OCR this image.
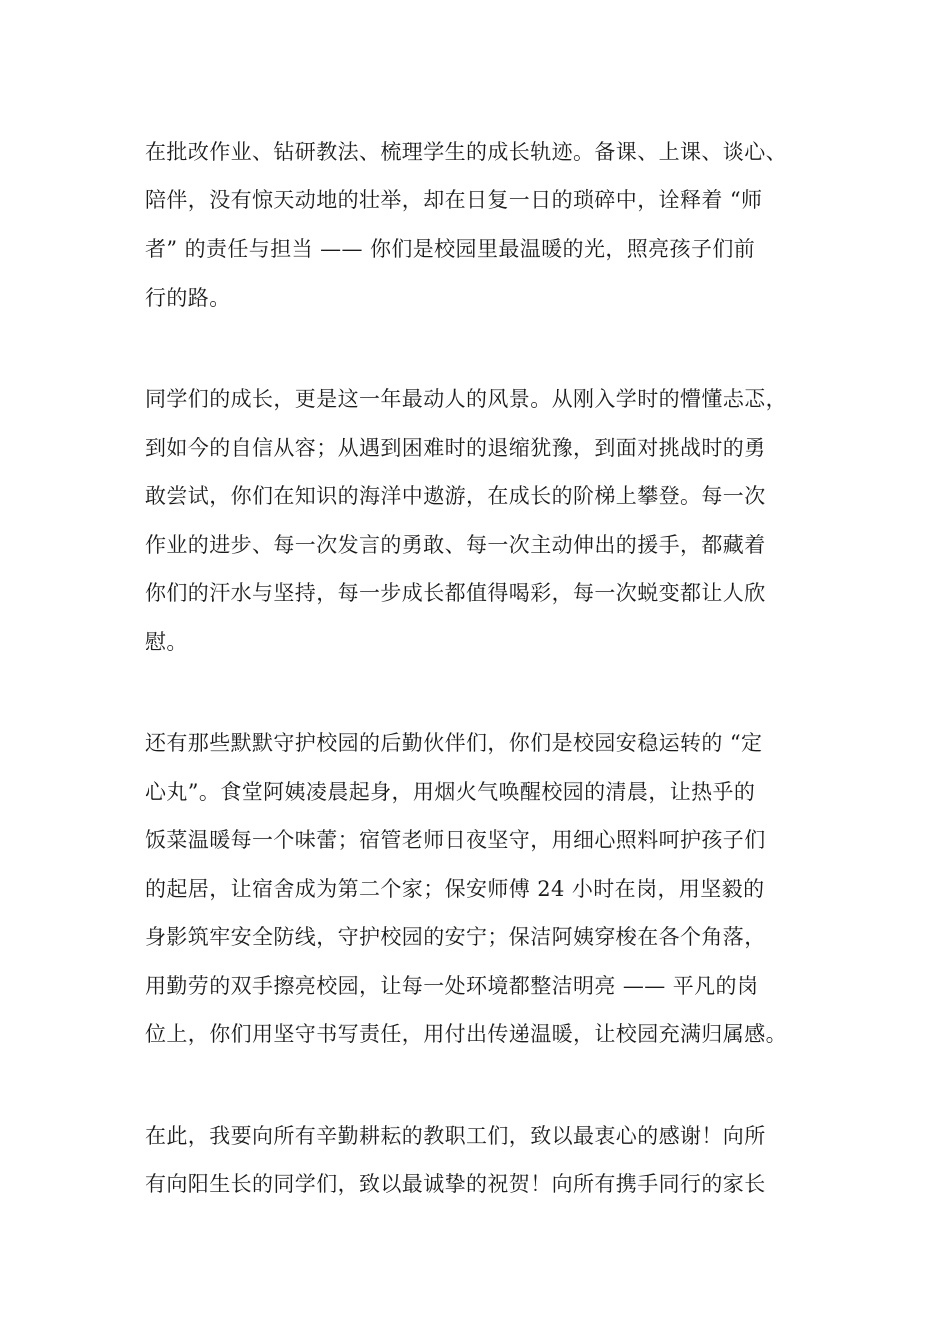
在批改作业、钻研教法、梳理学生的成长轨迹。备课、上课、谈心、
陪伴，没有惊天动地的壮举，却在日复一日的琐碎中，诠释着 “师
者” 的责任与担当 —— 你们是校园里最温暖的光，照亮孩子们前
行的路。
同学们的成长，更是这一年最动人的风景。从刚入学时的懵懂忐忑，
到如今的自信从容；从遇到困难时的退缩犹豫，到面对挑战时的勇
敢尝试，你们在知识的海洋中遨游，在成长的阶梯上攀登。每一次
作业的进步、每一次发言的勇敢、每一次主动伸出的援手，都藏着
你们的汗水与坚持，每一步成长都值得喝彩，每一次蜕变都让人欣
慰。
还有那些默默守护校园的后勤伙伴们，你们是校园安稳运转的 “定
心丸”。食堂阿姨凌晨起身，用烟火气唤醒校园的清晨，让热乎的
饭菜温暖每一个味蕾；宿管老师日夜坚守，用细心照料呵护孩子们
的起居，让宿舍成为第二个家；保安师傅 24 小时在岗，用坚毅的
身影筑牢安全防线，守护校园的安宁；保洁阿姨穿梭在各个角落，
用勤劳的双手擦亮校园，让每一处环境都整洁明亮 —— 平凡的岗
位上，你们用坚守书写责任，用付出传递温暖，让校园充满归属感。
在此，我要向所有辛勤耕耘的教职工们，致以最衷心的感谢！向所
有向阳生长的同学们，致以最诚挚的祝贺！向所有携手同行的家长
